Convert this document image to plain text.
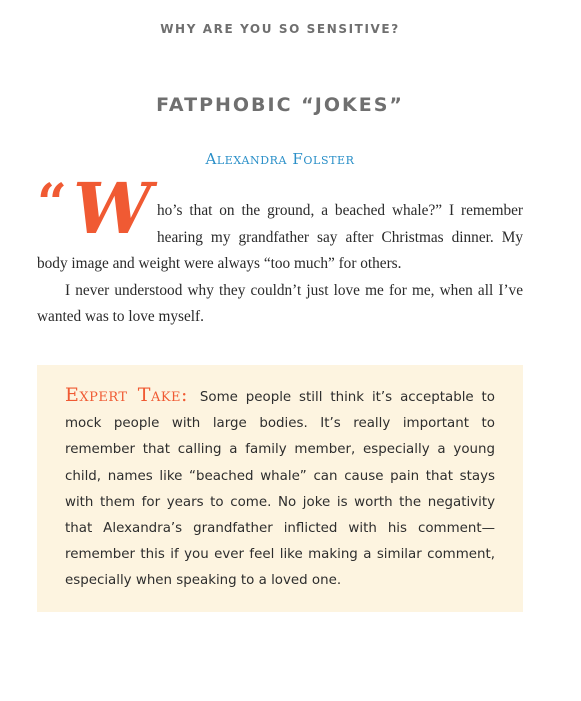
WHY ARE YOU SO SENSITIVE?
FATPHOBIC “JOKES”
Alexandra Folster

“ W ho’s that on the ground, a beached whale?” I remember hearing my grandfather say after Christmas dinner. My body image and weight were always “too much” for others.

I never understood why they couldn’t just love me for me, when all I’ve wanted was to love myself.

Expert Take: Some people still think it’s acceptable to mock people with large bodies. It’s really important to remember that calling a family member, especially a young child, names like “beached whale” can cause pain that stays with them for years to come. No joke is worth the negativity that Alexandra’s grandfather inflicted with his comment—remember this if you ever feel like making a similar comment, especially when speaking to a loved one.
